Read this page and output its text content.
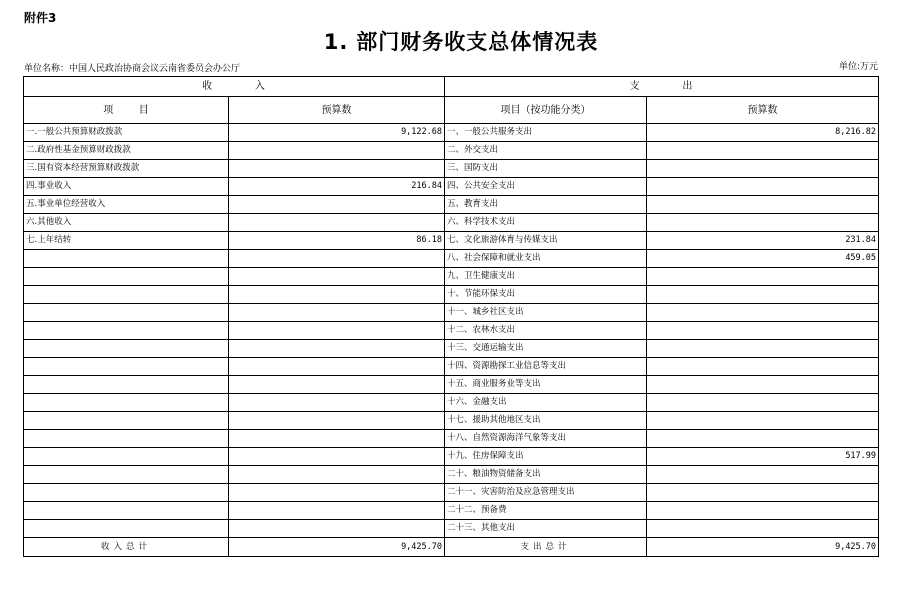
附件3
1. 部门财务收支总体情况表
单位名称：中国人民政治协商会议云南省委员会办公厅	单位:万元
收          入		支          出	
项        目	预算数	项目（按功能分类）	预算数
一.一般公共预算财政拨款	9,122.68	一、一般公共服务支出	8,216.82
二.政府性基金预算财政拨款		二、外交支出	
三.国有资本经营预算财政拨款		三、国防支出	
四.事业收入	216.84	四、公共安全支出	
五.事业单位经营收入		五、教育支出	
六.其他收入		六、科学技术支出	
七.上年结转	86.18	七、文化旅游体育与传媒支出	231.84
		八、社会保障和就业支出	459.05
		九、卫生健康支出	
		十、节能环保支出	
		十一、城乡社区支出	
		十二、农林水支出	
		十三、交通运输支出	
		十四、资源勘探工业信息等支出	
		十五、商业服务业等支出	
		十六、金融支出	
		十七、援助其他地区支出	
		十八、自然资源海洋气象等支出	
		十九、住房保障支出	517.99
		二十、粮油物资储备支出	
		二十一、灾害防治及应急管理支出	
		二十二、预备费	
		二十三、其他支出	
收入总计	9,425.70	支出总计	9,425.70
